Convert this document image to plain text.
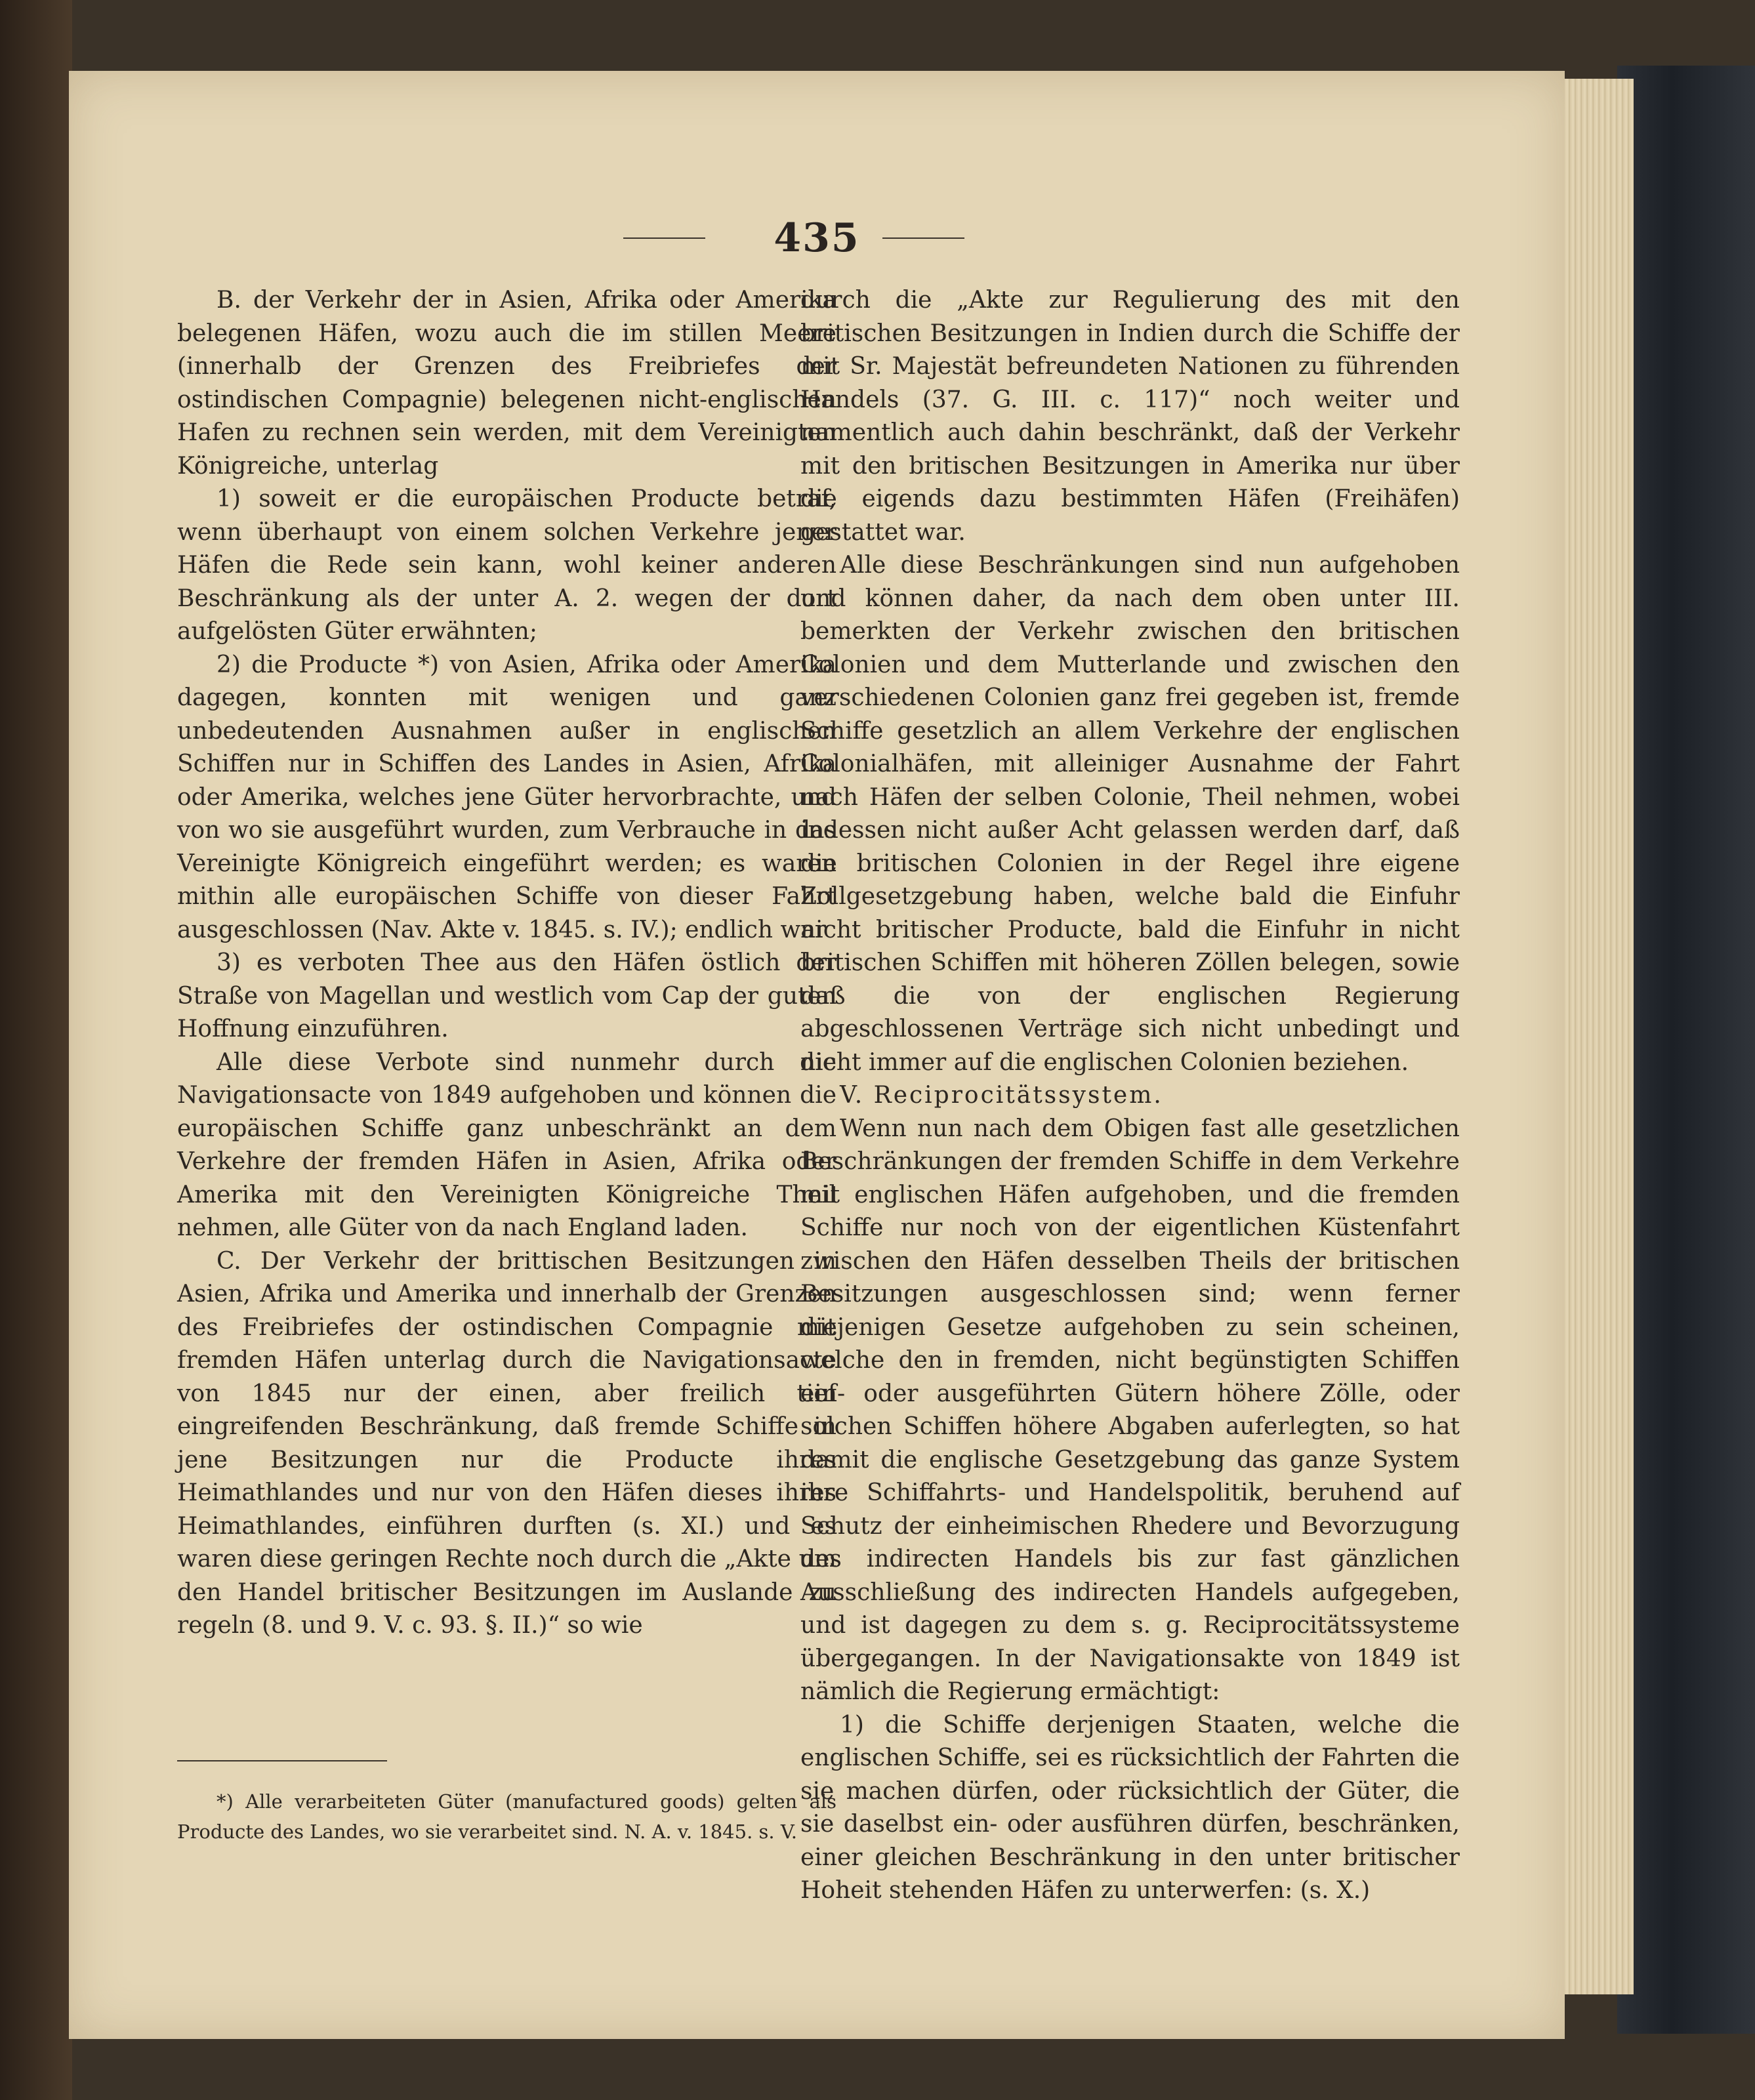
435

B. der Verkehr der in Asien, Afrika oder Amerika belegenen Häfen, wozu auch die im stillen Meere (innerhalb der Grenzen des Freibriefes der ostindischen Compagnie) belegenen nicht-englischen Hafen zu rechnen sein werden, mit dem Vereinigten Königreiche, unterlag

1) soweit er die europäischen Producte betraf, wenn überhaupt von einem solchen Verkehre jener Häfen die Rede sein kann, wohl keiner anderen Beschränkung als der unter A. 2. wegen der dort aufgelösten Güter erwähnten;

2) die Producte *) von Asien, Afrika oder Amerika dagegen, konnten mit wenigen und ganz unbedeutenden Ausnahmen außer in englischen Schiffen nur in Schiffen des Landes in Asien, Afrika oder Amerika, welches jene Güter hervorbrachte, und von wo sie ausgeführt wurden, zum Verbrauche in das Vereinigte Königreich eingeführt werden; es waren mithin alle europäischen Schiffe von dieser Fahrt ausgeschlossen (Nav. Akte v. 1845. s. IV.); endlich war

3) es verboten Thee aus den Häfen östlich der Straße von Magellan und westlich vom Cap der guten Hoffnung einzuführen.

Alle diese Verbote sind nunmehr durch die Navigationsacte von 1849 aufgehoben und können die europäischen Schiffe ganz unbeschränkt an dem Verkehre der fremden Häfen in Asien, Afrika oder Amerika mit den Vereinigten Königreiche Theil nehmen, alle Güter von da nach England laden.

C. Der Verkehr der brittischen Besitzungen in Asien, Afrika und Amerika und innerhalb der Grenzen des Freibriefes der ostindischen Compagnie mit fremden Häfen unterlag durch die Navigationsacte von 1845 nur der einen, aber freilich tief eingreifenden Beschränkung, daß fremde Schiffe in jene Besitzungen nur die Producte ihres Heimathlandes und nur von den Häfen dieses ihres Heimathlandes, einführen durften (s. XI.) und es waren diese geringen Rechte noch durch die „Akte um den Handel britischer Besitzungen im Auslande zu regeln (8. und 9. V. c. 93. §. II.)“ so wie

durch die „Akte zur Regulierung des mit den britischen Besitzungen in Indien durch die Schiffe der mit Sr. Majestät befreundeten Nationen zu führenden Handels (37. G. III. c. 117)“ noch weiter und namentlich auch dahin beschränkt, daß der Verkehr mit den britischen Besitzungen in Amerika nur über die eigends dazu bestimmten Häfen (Freihäfen) gestattet war.

Alle diese Beschränkungen sind nun aufgehoben und können daher, da nach dem oben unter III. bemerkten der Verkehr zwischen den britischen Colonien und dem Mutterlande und zwischen den verschiedenen Colonien ganz frei gegeben ist, fremde Schiffe gesetzlich an allem Verkehre der englischen Colonialhäfen, mit alleiniger Ausnahme der Fahrt nach Häfen der selben Colonie, Theil nehmen, wobei indessen nicht außer Acht gelassen werden darf, daß die britischen Colonien in der Regel ihre eigene Zollgesetzgebung haben, welche bald die Einfuhr nicht britischer Producte, bald die Einfuhr in nicht britischen Schiffen mit höheren Zöllen belegen, sowie daß die von der englischen Regierung abgeschlossenen Verträge sich nicht unbedingt und nicht immer auf die englischen Colonien beziehen.

V. Reciprocitätssystem.

Wenn nun nach dem Obigen fast alle gesetzlichen Beschränkungen der fremden Schiffe in dem Verkehre mit englischen Häfen aufgehoben, und die fremden Schiffe nur noch von der eigentlichen Küstenfahrt zwischen den Häfen desselben Theils der britischen Besitzungen ausgeschlossen sind; wenn ferner diejenigen Gesetze aufgehoben zu sein scheinen, welche den in fremden, nicht begünstigten Schiffen ein- oder ausgeführten Gütern höhere Zölle, oder solchen Schiffen höhere Abgaben auferlegten, so hat damit die englische Gesetzgebung das ganze System ihre Schiffahrts- und Handelspolitik, beruhend auf Schutz der einheimischen Rhedere und Bevorzugung des indirecten Handels bis zur fast gänzlichen Ausschließung des indirecten Handels aufgegeben, und ist dagegen zu dem s. g. Reciprocitätssysteme übergegangen. In der Navigationsakte von 1849 ist nämlich die Regierung ermächtigt:

1) die Schiffe derjenigen Staaten, welche die englischen Schiffe, sei es rücksichtlich der Fahrten die sie machen dürfen, oder rücksichtlich der Güter, die sie daselbst ein- oder ausführen dürfen, beschränken, einer gleichen Beschränkung in den unter britischer Hoheit stehenden Häfen zu unterwerfen: (s. X.)

*) Alle verarbeiteten Güter (manufactured goods) gelten als Producte des Landes, wo sie verarbeitet sind. N. A. v. 1845. s. V.
